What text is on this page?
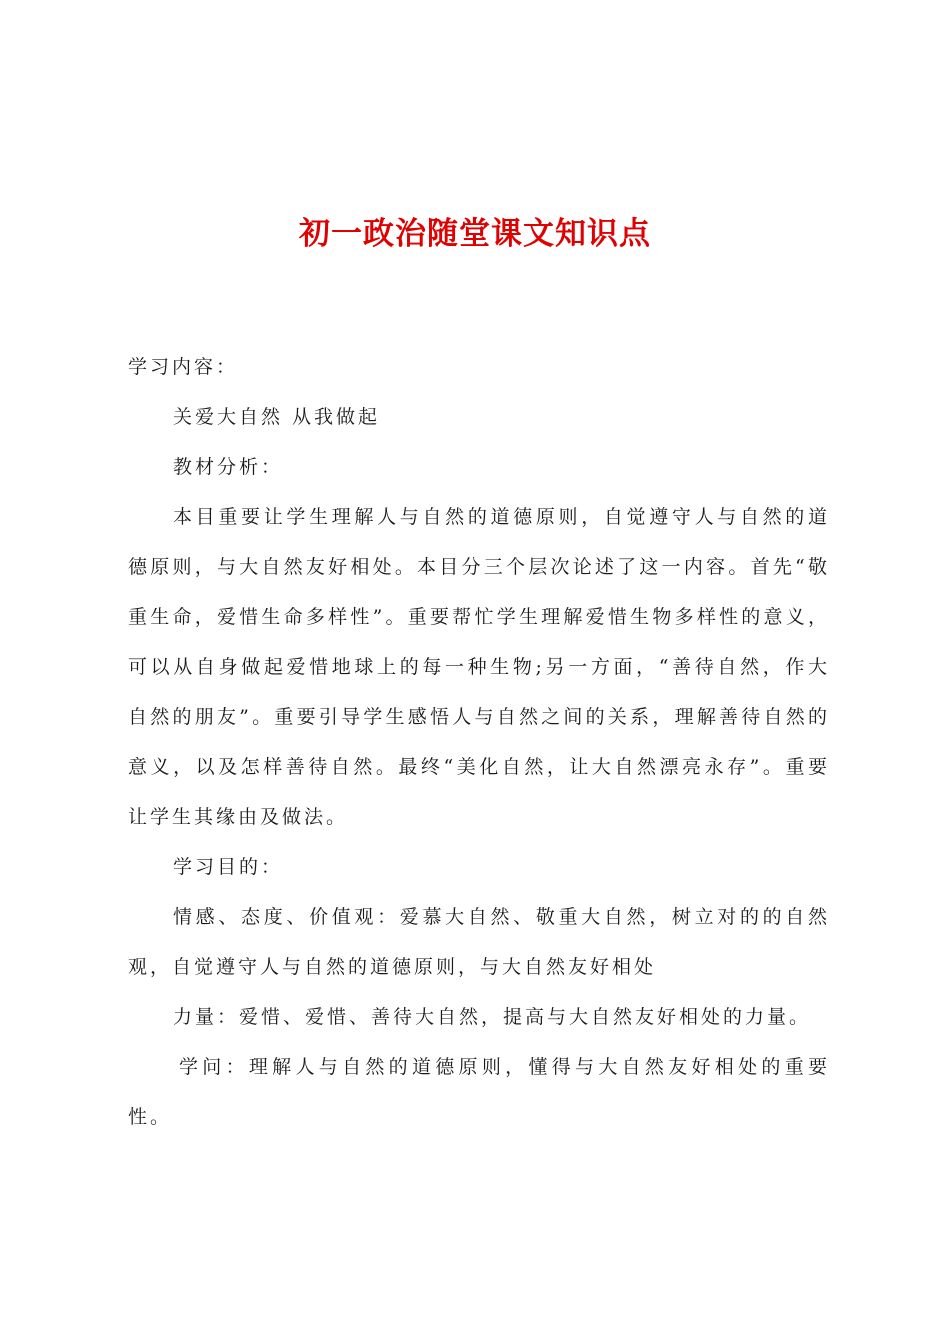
初一政治随堂课文知识点

学习内容：

关爱大自然 从我做起

教材分析：

本目重要让学生理解人与自然的道德原则，自觉遵守人与自然的道德原则，与大自然友好相处。本目分三个层次论述了这一内容。首先“敬重生命，爱惜生命多样性”。重要帮忙学生理解爱惜生物多样性的意义，可以从自身做起爱惜地球上的每一种生物;另一方面，“善待自然，作大自然的朋友”。重要引导学生感悟人与自然之间的关系，理解善待自然的意义，以及怎样善待自然。最终“美化自然，让大自然漂亮永存”。重要让学生其缘由及做法。

学习目的：

情感、态度、价值观：爱慕大自然、敬重大自然，树立对的的自然观，自觉遵守人与自然的道德原则，与大自然友好相处

力量：爱惜、爱惜、善待大自然，提高与大自然友好相处的力量。

学问：理解人与自然的道德原则，懂得与大自然友好相处的重要性。
